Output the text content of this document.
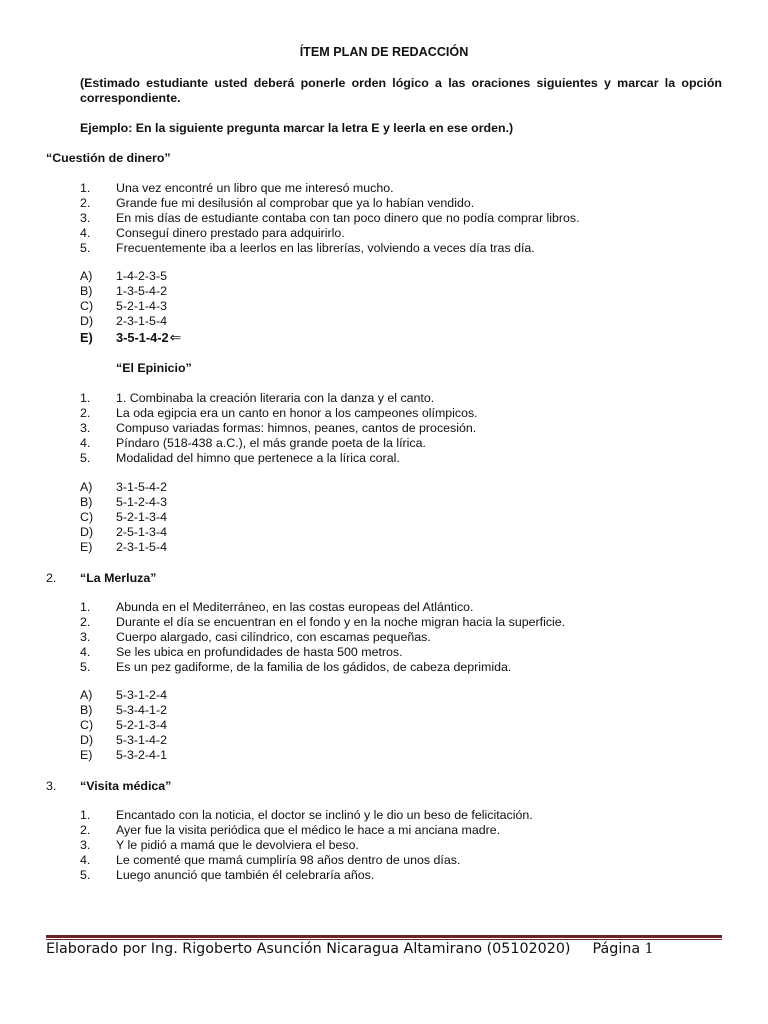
ÍTEM PLAN DE REDACCIÓN
(Estimado estudiante usted deberá ponerle orden lógico a las oraciones siguientes y marcar la opción correspondiente.
Ejemplo: En la siguiente pregunta marcar la letra E y leerla en ese orden.)
“Cuestión de dinero”
1. Una vez encontré un libro que me interesó mucho.
2. Grande fue mi desilusión al comprobar que ya lo habían vendido.
3. En mis días de estudiante contaba con tan poco dinero que no podía comprar libros.
4. Conseguí dinero prestado para adquirirlo.
5. Frecuentemente iba a leerlos en las librerías, volviendo a veces día tras día.
A) 1-4-2-3-5
B) 1-3-5-4-2
C) 5-2-1-4-3
D) 2-3-1-5-4
E) 3-5-1-4-2⇐
“El Epinicio”
1. 1. Combinaba la creación literaria con la danza y el canto.
2. La oda egipcia era un canto en honor a los campeones olímpicos.
3. Compuso variadas formas: himnos, peanes, cantos de procesión.
4. Píndaro (518-438 a.C.), el más grande poeta de la lírica.
5. Modalidad del himno que pertenece a la lírica coral.
A) 3-1-5-4-2
B) 5-1-2-4-3
C) 5-2-1-3-4
D) 2-5-1-3-4
E) 2-3-1-5-4
2. “La Merluza”
1. Abunda en el Mediterráneo, en las costas europeas del Atlántico.
2. Durante el día se encuentran en el fondo y en la noche migran hacia la superficie.
3. Cuerpo alargado, casi cilíndrico, con escamas pequeñas.
4. Se les ubica en profundidades de hasta 500 metros.
5. Es un pez gadiforme, de la familia de los gádidos, de cabeza deprimida.
A) 5-3-1-2-4
B) 5-3-4-1-2
C) 5-2-1-3-4
D) 5-3-1-4-2
E) 5-3-2-4-1
3. “Visita médica”
1. Encantado con la noticia, el doctor se inclinó y le dio un beso de felicitación.
2. Ayer fue la visita periódica que el médico le hace a mi anciana madre.
3. Y le pidió a mamá que le devolviera el beso.
4. Le comenté que mamá cumpliría 98 años dentro de unos días.
5. Luego anunció que también él celebraría años.
Elaborado por Ing. Rigoberto Asunción Nicaragua Altamirano (05102020) Página 1
